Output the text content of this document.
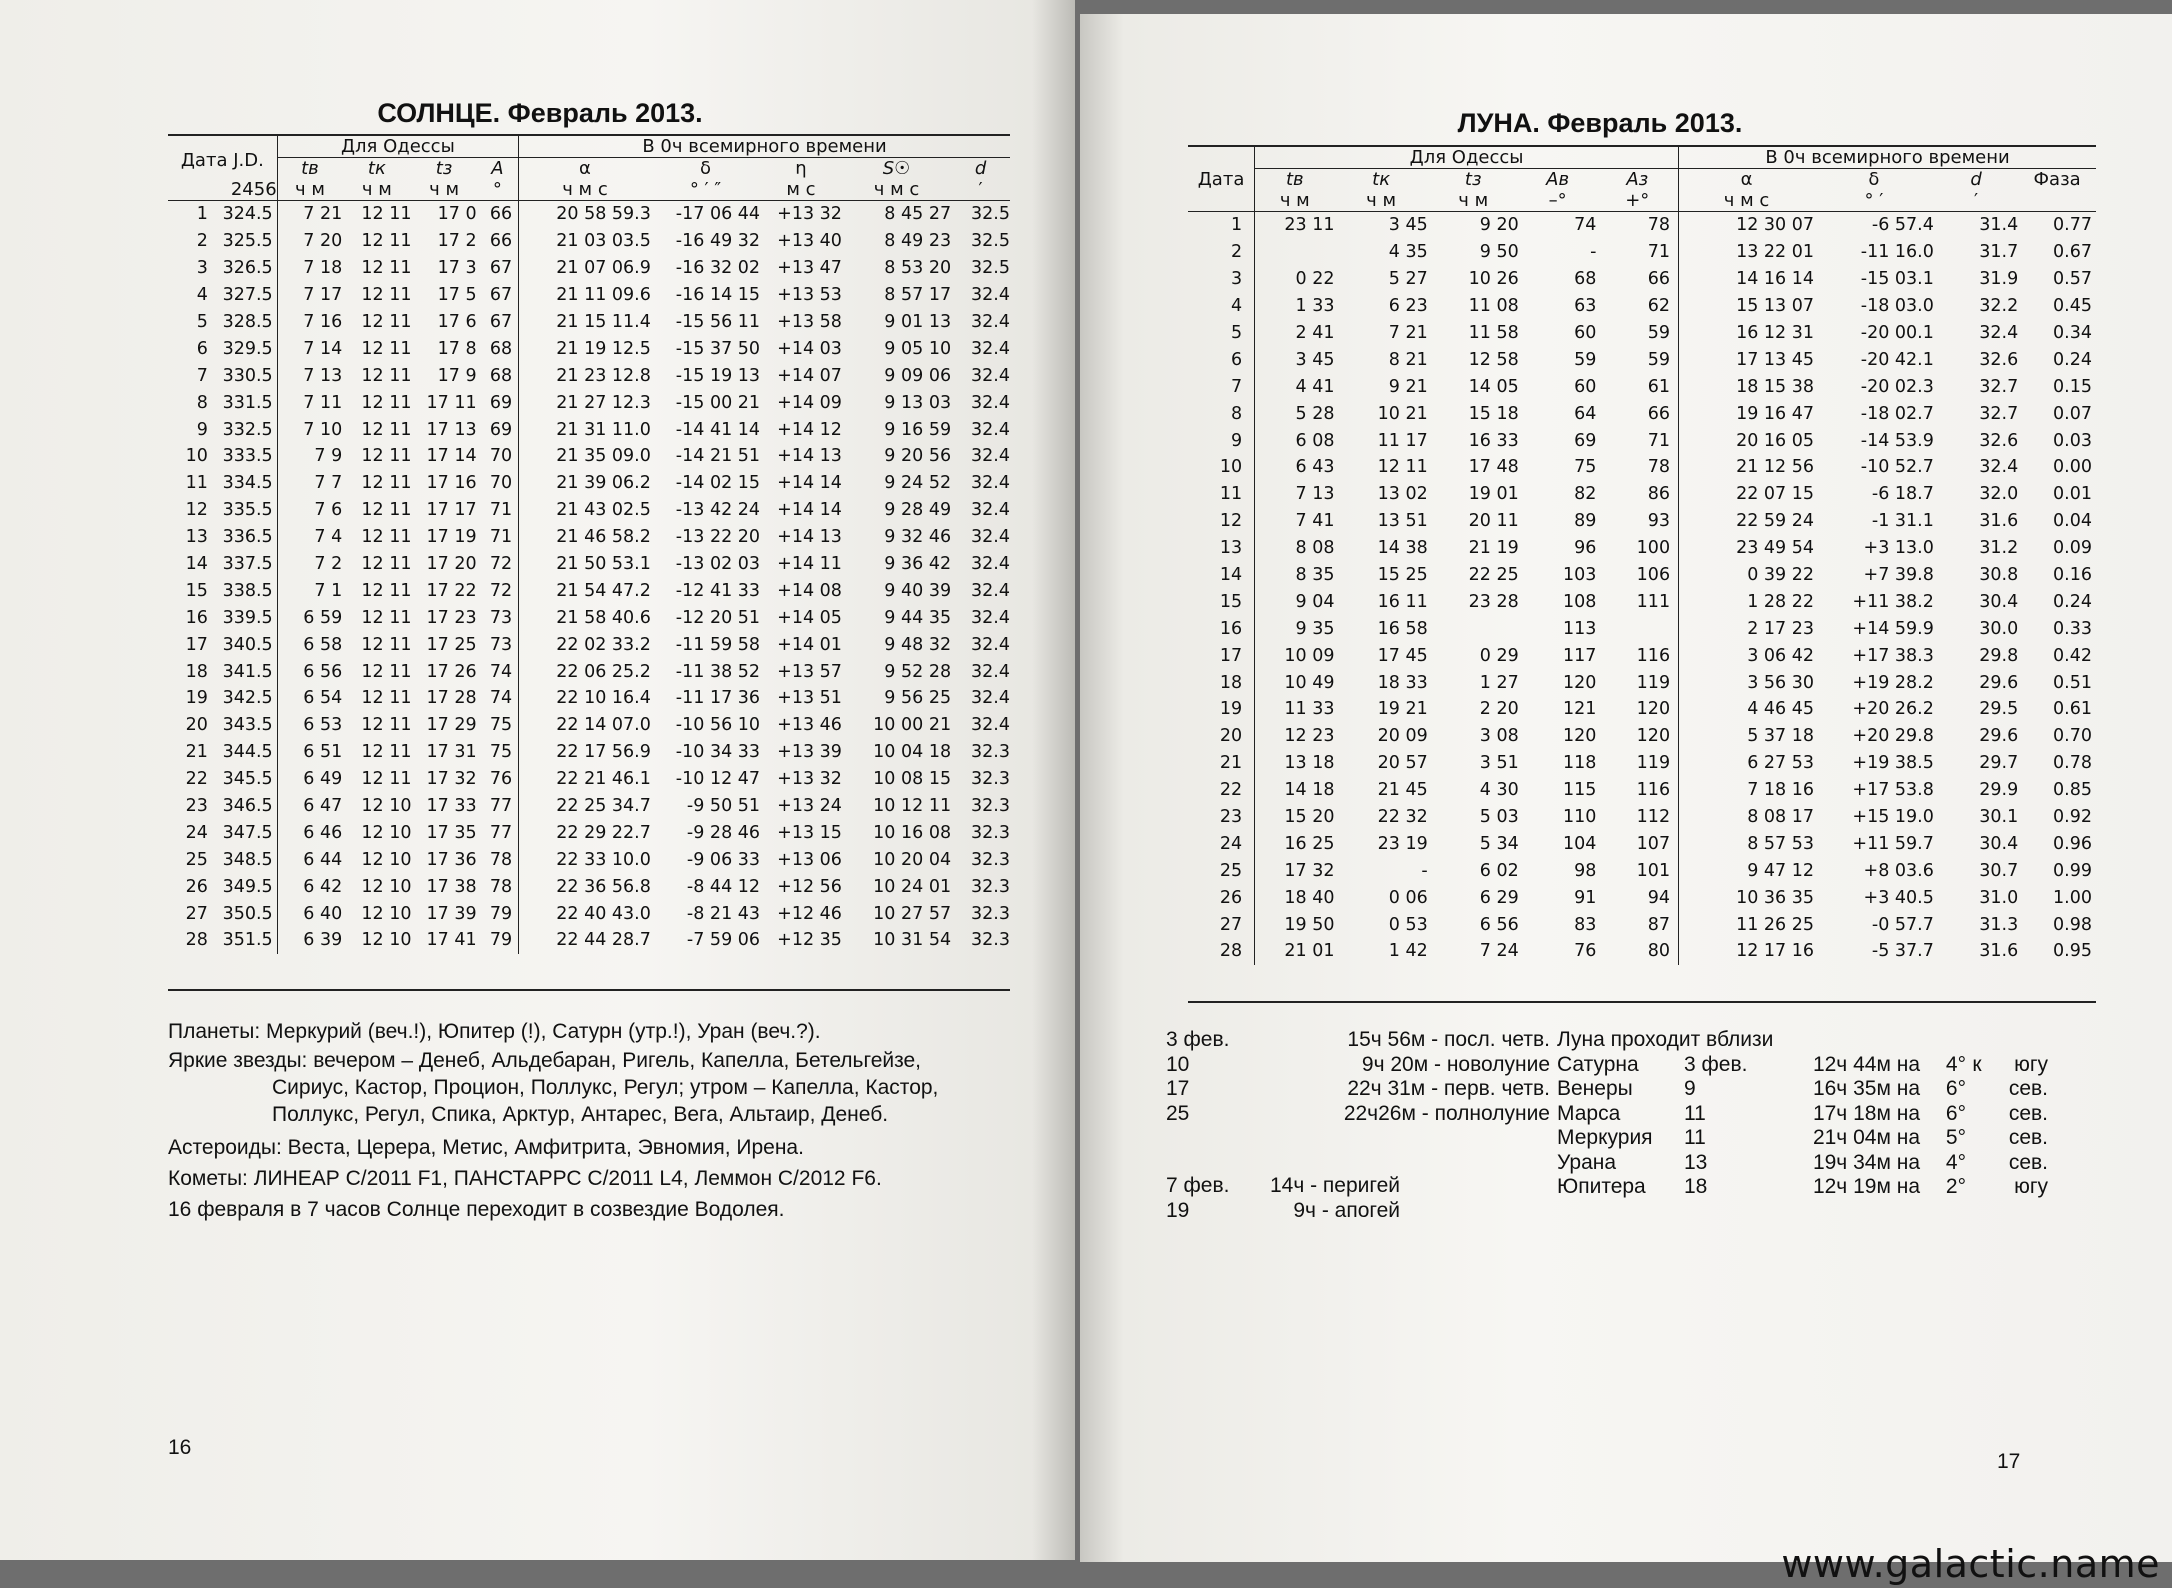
СОЛНЦЕ. Февраль 2013.
Дата J.D.		Для Одессы				В 0ч всемирного времени				
		tв	tк	tз	A	α	δ	η	S☉	d
2456		ч м	ч м	ч м	°	ч м с	° ′ ″	м с	ч м с	′
1	324.5	7 21	12 11	17 0	66	20 58 59.3	-17 06 44	+13 32	8 45 27	32.5
2	325.5	7 20	12 11	17 2	66	21 03 03.5	-16 49 32	+13 40	8 49 23	32.5
3	326.5	7 18	12 11	17 3	67	21 07 06.9	-16 32 02	+13 47	8 53 20	32.5
4	327.5	7 17	12 11	17 5	67	21 11 09.6	-16 14 15	+13 53	8 57 17	32.4
5	328.5	7 16	12 11	17 6	67	21 15 11.4	-15 56 11	+13 58	9 01 13	32.4
6	329.5	7 14	12 11	17 8	68	21 19 12.5	-15 37 50	+14 03	9 05 10	32.4
7	330.5	7 13	12 11	17 9	68	21 23 12.8	-15 19 13	+14 07	9 09 06	32.4
8	331.5	7 11	12 11	17 11	69	21 27 12.3	-15 00 21	+14 09	9 13 03	32.4
9	332.5	7 10	12 11	17 13	69	21 31 11.0	-14 41 14	+14 12	9 16 59	32.4
10	333.5	7 9	12 11	17 14	70	21 35 09.0	-14 21 51	+14 13	9 20 56	32.4
11	334.5	7 7	12 11	17 16	70	21 39 06.2	-14 02 15	+14 14	9 24 52	32.4
12	335.5	7 6	12 11	17 17	71	21 43 02.5	-13 42 24	+14 14	9 28 49	32.4
13	336.5	7 4	12 11	17 19	71	21 46 58.2	-13 22 20	+14 13	9 32 46	32.4
14	337.5	7 2	12 11	17 20	72	21 50 53.1	-13 02 03	+14 11	9 36 42	32.4
15	338.5	7 1	12 11	17 22	72	21 54 47.2	-12 41 33	+14 08	9 40 39	32.4
16	339.5	6 59	12 11	17 23	73	21 58 40.6	-12 20 51	+14 05	9 44 35	32.4
17	340.5	6 58	12 11	17 25	73	22 02 33.2	-11 59 58	+14 01	9 48 32	32.4
18	341.5	6 56	12 11	17 26	74	22 06 25.2	-11 38 52	+13 57	9 52 28	32.4
19	342.5	6 54	12 11	17 28	74	22 10 16.4	-11 17 36	+13 51	9 56 25	32.4
20	343.5	6 53	12 11	17 29	75	22 14 07.0	-10 56 10	+13 46	10 00 21	32.4
21	344.5	6 51	12 11	17 31	75	22 17 56.9	-10 34 33	+13 39	10 04 18	32.3
22	345.5	6 49	12 11	17 32	76	22 21 46.1	-10 12 47	+13 32	10 08 15	32.3
23	346.5	6 47	12 10	17 33	77	22 25 34.7	-9 50 51	+13 24	10 12 11	32.3
24	347.5	6 46	12 10	17 35	77	22 29 22.7	-9 28 46	+13 15	10 16 08	32.3
25	348.5	6 44	12 10	17 36	78	22 33 10.0	-9 06 33	+13 06	10 20 04	32.3
26	349.5	6 42	12 10	17 38	78	22 36 56.8	-8 44 12	+12 56	10 24 01	32.3
27	350.5	6 40	12 10	17 39	79	22 40 43.0	-8 21 43	+12 46	10 27 57	32.3
28	351.5	6 39	12 10	17 41	79	22 44 28.7	-7 59 06	+12 35	10 31 54	32.3

Планеты: Меркурий (веч.!), Юпитер (!), Сатурн (утр.!), Уран (веч.?).

Яркие звезды: вечером – Денеб, Альдебаран, Ригель, Капелла, Бетельгейзе,

Сириус, Кастор, Процион, Поллукс, Регул; утром – Капелла, Кастор,

Поллукс, Регул, Спика, Арктур, Антарес, Вега, Альтаир, Денеб.

Астероиды: Веста, Церера, Метис, Амфитрита, Эвномия, Ирена.

Кометы: ЛИНЕАР C/2011 F1, ПАНСТАРРС C/2011 L4, Леммон C/2012 F6.

16 февраля в 7 часов Солнце переходит в созвездие Водолея.

16
ЛУНА. Февраль 2013.
Дата	Для Одессы					В 0ч всемирного времени			
	tв	tк	tз	Aв	Aз	α	δ	d	Фаза
	ч м	ч м	ч м	–°	+°	ч м с	° ′	′	
1	23 11	3 45	9 20	74	78	12 30 07	-6 57.4	31.4	0.77
2		4 35	9 50	-	71	13 22 01	-11 16.0	31.7	0.67
3	0 22	5 27	10 26	68	66	14 16 14	-15 03.1	31.9	0.57
4	1 33	6 23	11 08	63	62	15 13 07	-18 03.0	32.2	0.45
5	2 41	7 21	11 58	60	59	16 12 31	-20 00.1	32.4	0.34
6	3 45	8 21	12 58	59	59	17 13 45	-20 42.1	32.6	0.24
7	4 41	9 21	14 05	60	61	18 15 38	-20 02.3	32.7	0.15
8	5 28	10 21	15 18	64	66	19 16 47	-18 02.7	32.7	0.07
9	6 08	11 17	16 33	69	71	20 16 05	-14 53.9	32.6	0.03
10	6 43	12 11	17 48	75	78	21 12 56	-10 52.7	32.4	0.00
11	7 13	13 02	19 01	82	86	22 07 15	-6 18.7	32.0	0.01
12	7 41	13 51	20 11	89	93	22 59 24	-1 31.1	31.6	0.04
13	8 08	14 38	21 19	96	100	23 49 54	+3 13.0	31.2	0.09
14	8 35	15 25	22 25	103	106	0 39 22	+7 39.8	30.8	0.16
15	9 04	16 11	23 28	108	111	1 28 22	+11 38.2	30.4	0.24
16	9 35	16 58		113		2 17 23	+14 59.9	30.0	0.33
17	10 09	17 45	0 29	117	116	3 06 42	+17 38.3	29.8	0.42
18	10 49	18 33	1 27	120	119	3 56 30	+19 28.2	29.6	0.51
19	11 33	19 21	2 20	121	120	4 46 45	+20 26.2	29.5	0.61
20	12 23	20 09	3 08	120	120	5 37 18	+20 29.8	29.6	0.70
21	13 18	20 57	3 51	118	119	6 27 53	+19 38.5	29.7	0.78
22	14 18	21 45	4 30	115	116	7 18 16	+17 53.8	29.9	0.85
23	15 20	22 32	5 03	110	112	8 08 17	+15 19.0	30.1	0.92
24	16 25	23 19	5 34	104	107	8 57 53	+11 59.7	30.4	0.96
25	17 32	-	6 02	98	101	9 47 12	+8 03.6	30.7	0.99
26	18 40	0 06	6 29	91	94	10 36 35	+3 40.5	31.0	1.00
27	19 50	0 53	6 56	83	87	11 26 25	-0 57.7	31.3	0.98
28	21 01	1 42	7 24	76	80	12 17 16	-5 37.7	31.6	0.95
3 фев.	15ч 56м - посл. четв.
10	9ч 20м - новолуние
17	22ч 31м - перв. четв.
25	22ч26м - полнолуние
7 фев.	14ч - перигей
19	9ч - апогей
Луна проходит вблизи
Сатурна	3 фев.	12ч 44м на	4° к	югу
Венеры	9	16ч 35м на	6°	сев.
Марса	11	17ч 18м на	6°	сев.
Меркурия	11	21ч 04м на	5°	сев.
Урана	13	19ч 34м на	4°	сев.
Юпитера	18	12ч 19м на	2°	югу
17
www.galactic.name
